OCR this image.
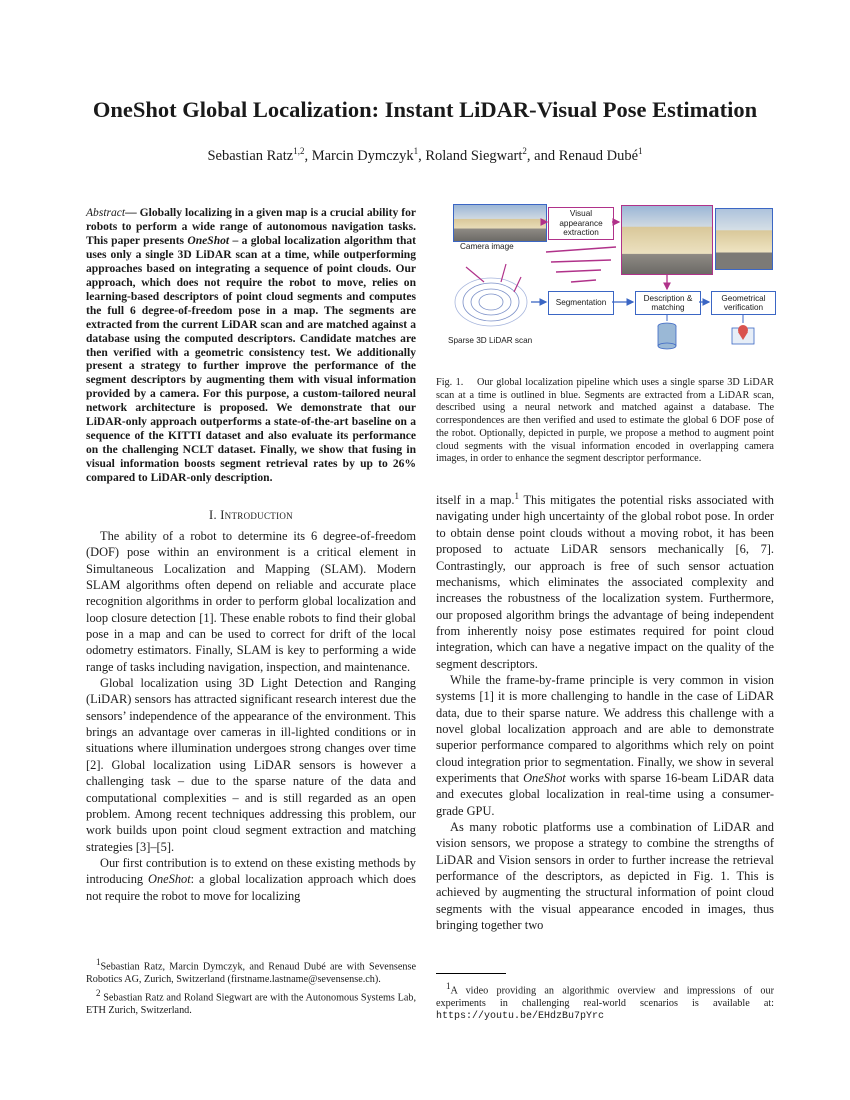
OneShot Global Localization: Instant LiDAR-Visual Pose Estimation
Sebastian Ratz$^{1,2}$, Marcin Dymczyk$^1$, Roland Siegwart$^2$, and Renaud Dubé$^1$
Abstract— Globally localizing in a given map is a crucial ability for robots to perform a wide range of autonomous navigation tasks. This paper presents OneShot – a global localization algorithm that uses only a single 3D LiDAR scan at a time, while outperforming approaches based on integrating a sequence of point clouds. Our approach, which does not require the robot to move, relies on learning-based descriptors of point cloud segments and computes the full 6 degree-of-freedom pose in a map. The segments are extracted from the current LiDAR scan and are matched against a database using the computed descriptors. Candidate matches are then verified with a geometric consistency test. We additionally present a strategy to further improve the performance of the segment descriptors by augmenting them with visual information provided by a camera. For this purpose, a custom-tailored neural network architecture is proposed. We demonstrate that our LiDAR-only approach outperforms a state-of-the-art baseline on a sequence of the KITTI dataset and also evaluate its performance on the challenging NCLT dataset. Finally, we show that fusing in visual information boosts segment retrieval rates by up to 26% compared to LiDAR-only description.
I. Introduction

The ability of a robot to determine its 6 degree-of-freedom (DOF) pose within an environment is a critical element in Simultaneous Localization and Mapping (SLAM). Modern SLAM algorithms often depend on reliable and accurate place recognition algorithms in order to perform global localization and loop closure detection [1]. These enable robots to find their global pose in a map and can be used to correct for drift of the local odometry estimators. Finally, SLAM is key to performing a wide range of tasks including navigation, inspection, and maintenance.

Global localization using 3D Light Detection and Ranging (LiDAR) sensors has attracted significant research interest due the sensors’ independence of the appearance of the environment. This brings an advantage over cameras in ill-lighted conditions or in situations where illumination undergoes strong changes over time [2]. Global localization using LiDAR sensors is however a challenging task – due to the sparse nature of the data and computational complexities – and is still regarded as an open problem. Among recent techniques addressing this problem, our work builds upon point cloud segment extraction and matching strategies [3]–[5].

Our first contribution is to extend on these existing methods by introducing OneShot: a global localization approach which does not require the robot to move for localizing

$^1$Sebastian Ratz, Marcin Dymczyk, and Renaud Dubé are with Sevensense Robotics AG, Zurich, Switzerland (firstname.lastname@sevensense.ch).

$^2$ Sebastian Ratz and Roland Siegwart are with the Autonomous Systems Lab, ETH Zurich, Switzerland.

Camera image
Sparse 3D LiDAR scan
Visual appearance extraction
Segmentation
Description & matching
Geometrical verification
Fig. 1. Our global localization pipeline which uses a single sparse 3D LiDAR scan at a time is outlined in blue. Segments are extracted from a LiDAR scan, described using a neural network and matched against a database. The correspondences are then verified and used to estimate the global 6 DOF pose of the robot. Optionally, depicted in purple, we propose a method to augment point cloud segments with the visual information encoded in overlapping camera images, in order to enhance the segment descriptor performance.

itself in a map.$^1$ This mitigates the potential risks associated with navigating under high uncertainty of the global robot pose. In order to obtain dense point clouds without a moving robot, it has been proposed to actuate LiDAR sensors mechanically [6, 7]. Contrastingly, our approach is free of such sensor actuation mechanisms, which eliminates the associated complexity and increases the robustness of the localization system. Furthermore, our proposed algorithm brings the advantage of being independent from inherently noisy pose estimates required for point cloud integration, which can have a negative impact on the quality of the segment descriptors.

While the frame-by-frame principle is very common in vision systems [1] it is more challenging to handle in the case of LiDAR data, due to their sparse nature. We address this challenge with a novel global localization approach and are able to demonstrate superior performance compared to algorithms which rely on point cloud integration prior to segmentation. Finally, we show in several experiments that OneShot works with sparse 16-beam LiDAR data and executes global localization in real-time using a consumer-grade GPU.

As many robotic platforms use a combination of LiDAR and vision sensors, we propose a strategy to combine the strengths of LiDAR and Vision sensors in order to further increase the retrieval performance of the descriptors, as depicted in Fig. 1. This is achieved by augmenting the structural information of point cloud segments with the visual appearance encoded in images, thus bringing together two

$^1$A video providing an algorithmic overview and impressions of our experiments in challenging real-world scenarios is available at: https://youtu.be/EHdzBu7pYrc
